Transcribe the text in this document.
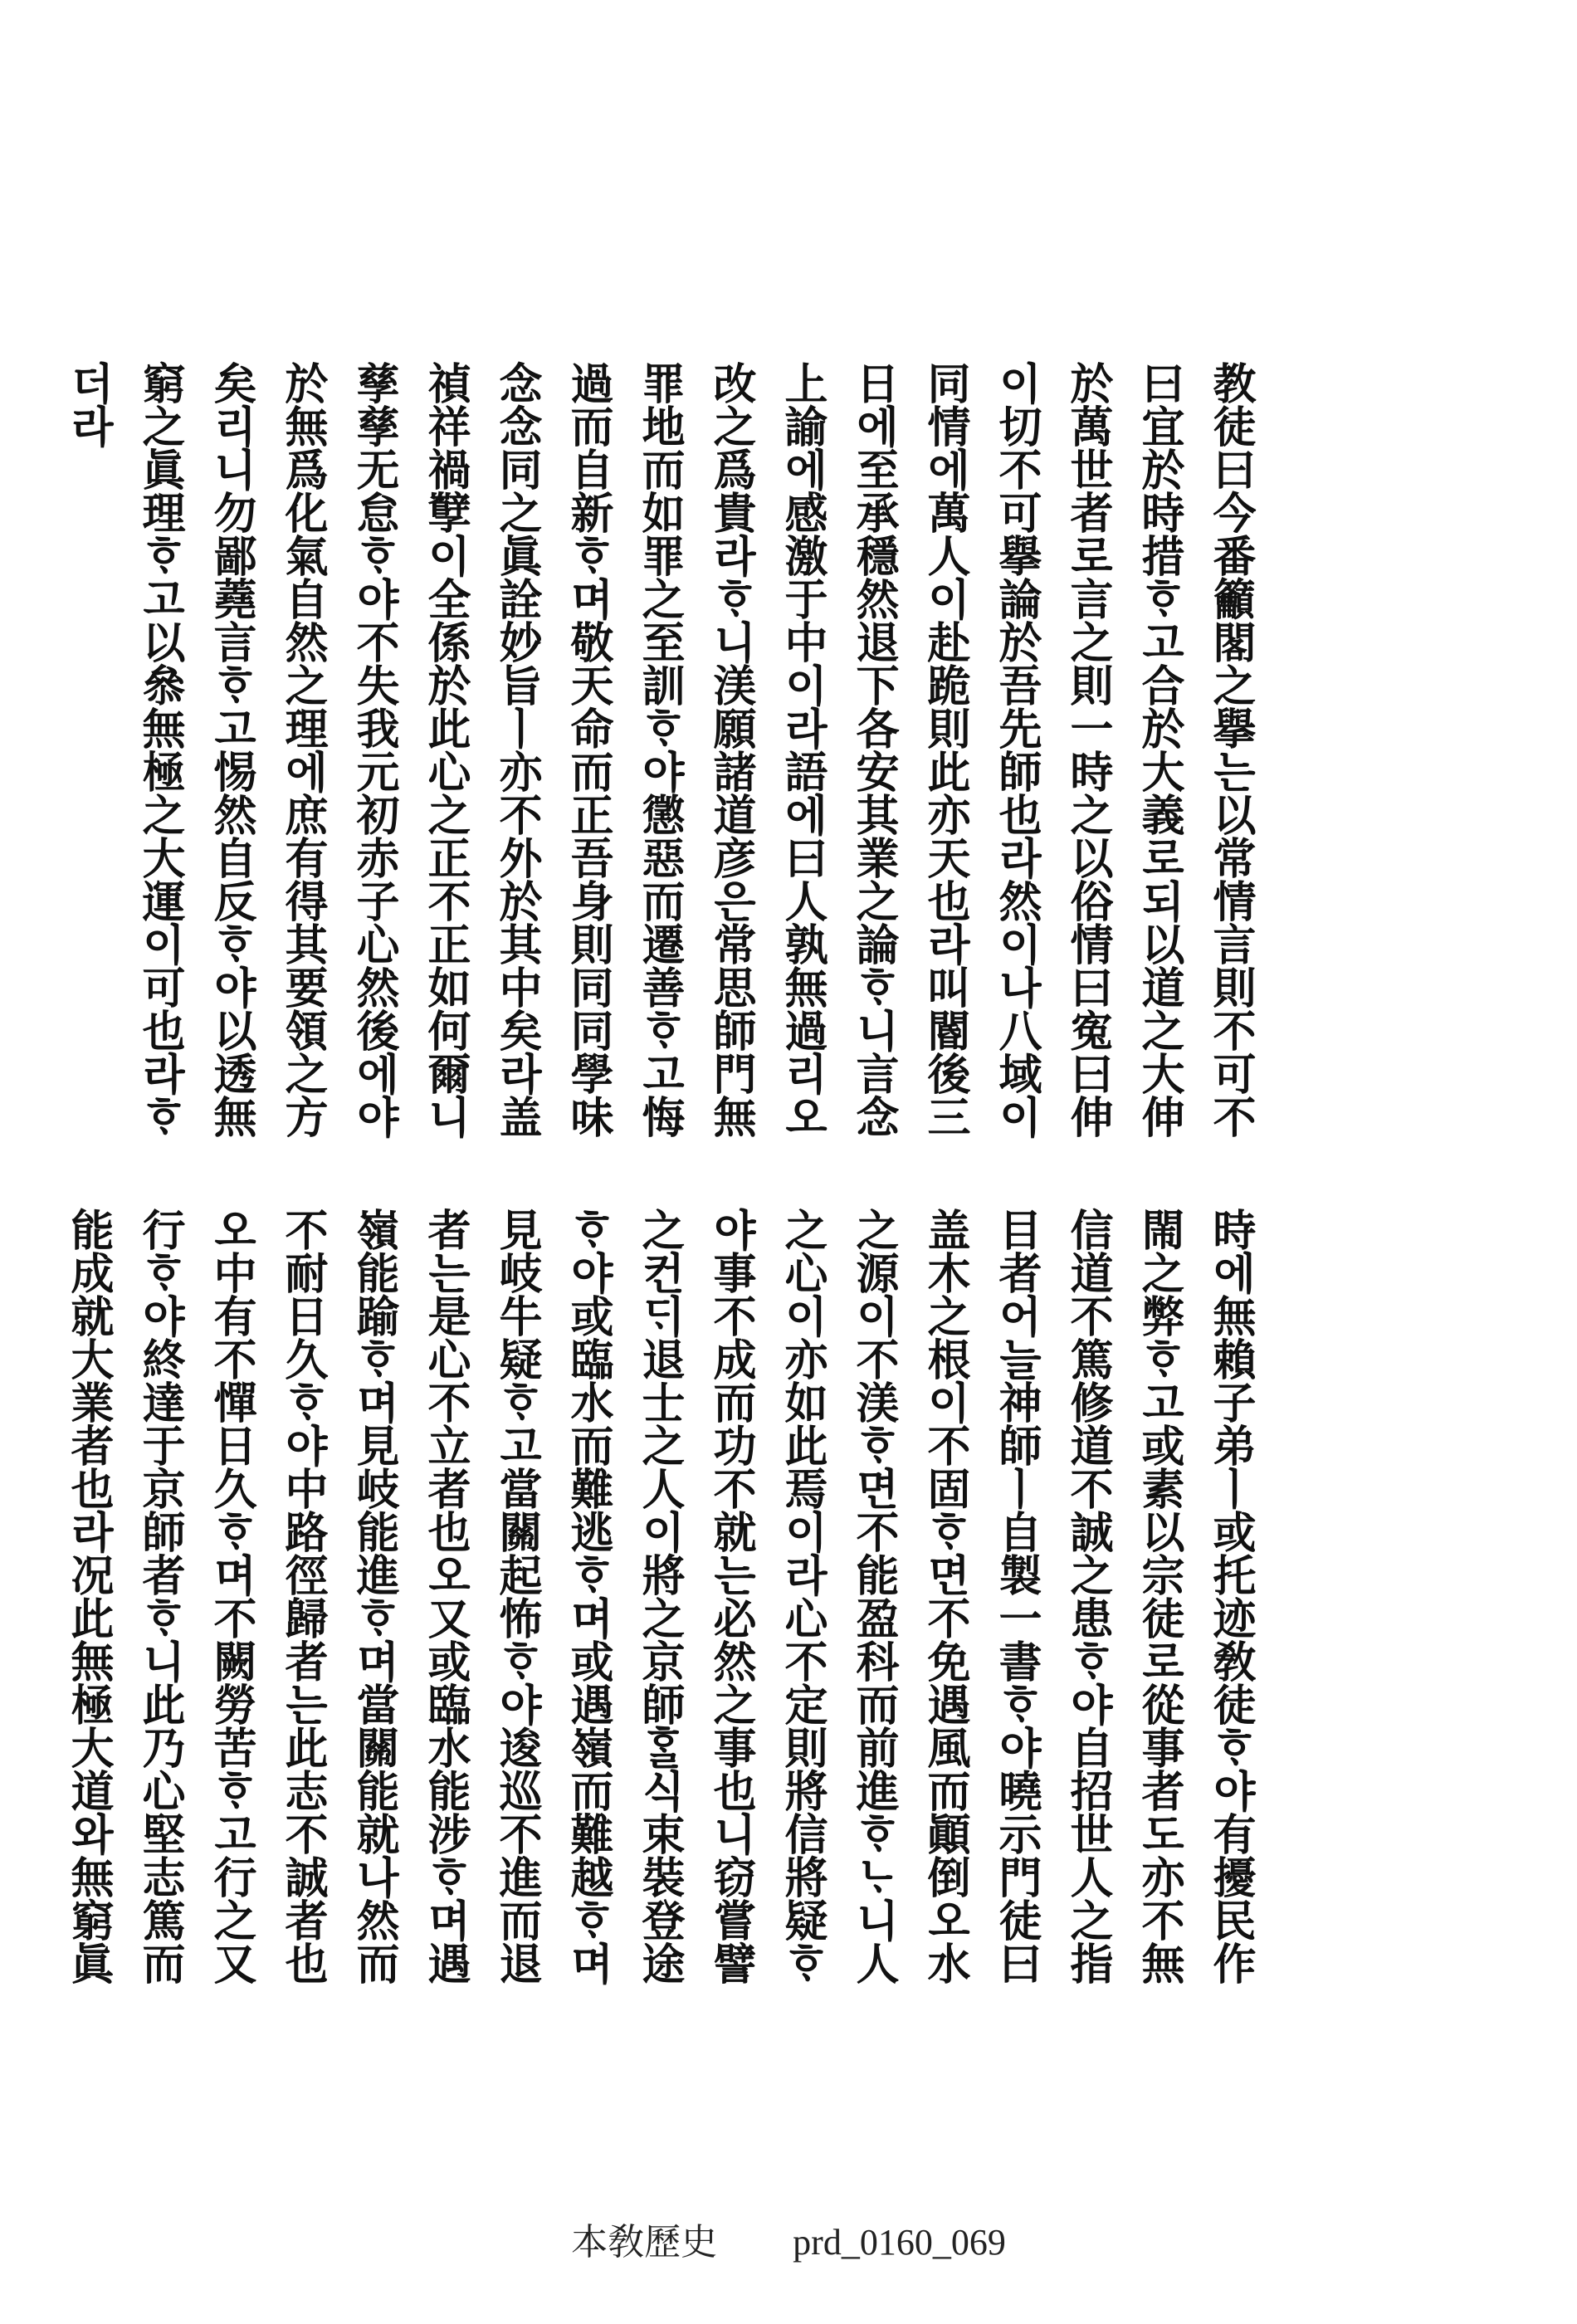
教徒曰今番籲閣之擧는以常情言則不可不
曰宜於時措ᄒᆞ고合於大義로되以道之大伸
於萬世者로言之則一時之以俗情曰寃曰伸
이切不可擧論於吾先師也라然이나八域이
同情에萬人이赴跪則此亦天也라叫閽後三
日에至承穩然退下各安其業之論ᄒᆞ니言念
上諭에感激于中이라語에曰人孰無過리오
改之爲貴라ᄒᆞ니渼願諸道彦은常思師門無
罪地而如罪之至訓ᄒᆞ야懲惡而遷善ᄒᆞ고悔
過而自新ᄒᆞ며敬天命而正吾身則同同學味
念念同之眞詮妙旨ㅣ亦不外於其中矣라盖
禎祥禍孼이全係於此心之正不正如何爾니
孳孳无怠ᄒᆞ야不失我元初赤子心然後에야
於無爲化氣自然之理에庶有得其要領之方
矣리니勿鄙蕘言ᄒᆞ고惕然自反ᄒᆞ야以透無
窮之眞理ᄒᆞ고以叅無極之大運이可也라ᄒᆞ
더라
時에無賴子弟ㅣ或托迹敎徒ᄒᆞ야有擾民作
閙之弊ᄒᆞ고或素以宗徒로從事者도亦不無
信道不篤修道不誠之患ᄒᆞ야自招世人之指
目者어늘神師ㅣ自製一書ᄒᆞ야曉示門徒曰
盖木之根이不固ᄒᆞ면不免遇風而顚倒오水
之源이不渼ᄒᆞ면不能盈科而前進ᄒᆞᄂᆞ니人
之心이亦如此焉이라心不定則將信將疑ᄒᆞ
야事不成而功不就는必然之事也니窃嘗譬
之컨ᄃᆡ退士之人이將之京師ᄒᆞᆯ식束裝登途
ᄒᆞ야或臨水而難逃ᄒᆞ며或遇嶺而難越ᄒᆞ며
見岐牛疑ᄒᆞ고當關起怖ᄒᆞ야逡巡不進而退
者는是心不立者也오又或臨水能涉ᄒᆞ며遇
嶺能踰ᄒᆞ며見岐能進ᄒᆞ며當關能就나然而
不耐日久ᄒᆞ야中路徑歸者는此志不誠者也
오中有不憚日久ᄒᆞ며不闕勞苦ᄒᆞ고行之又
行ᄒᆞ야終達于京師者ᄒᆞ니此乃心堅志篤而
能成就大業者也라况此無極大道와無窮眞
本敎歷史 prd_0160_069
